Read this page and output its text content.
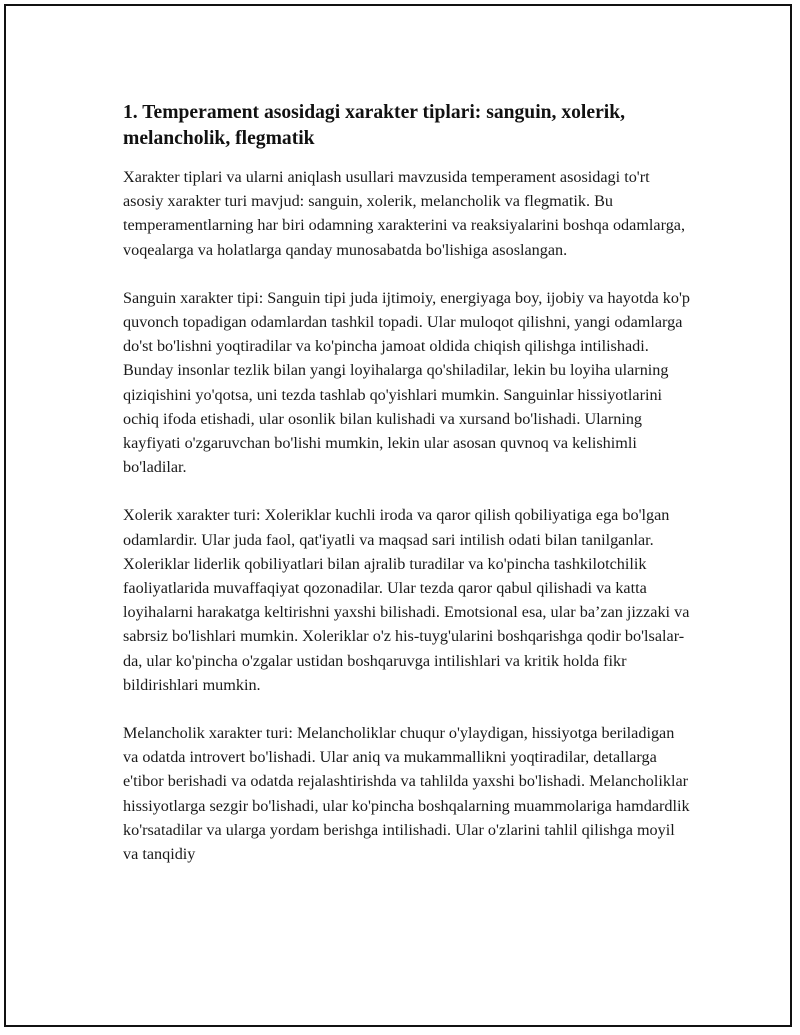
1. Temperament asosidagi xarakter tiplari: sanguin, xolerik, melancholik, flegmatik

Xarakter tiplari va ularni aniqlash usullari mavzusida temperament asosidagi to'rt asosiy xarakter turi mavjud: sanguin, xolerik, melancholik va flegmatik. Bu temperamentlarning har biri odamning xarakterini va reaksiyalarini boshqa odamlarga, voqealarga va holatlarga qanday munosabatda bo'lishiga asoslangan.

Sanguin xarakter tipi: Sanguin tipi juda ijtimoiy, energiyaga boy, ijobiy va hayotda ko'p quvonch topadigan odamlardan tashkil topadi. Ular muloqot qilishni, yangi odamlarga do'st bo'lishni yoqtiradilar va ko'pincha jamoat oldida chiqish qilishga intilishadi. Bunday insonlar tezlik bilan yangi loyihalarga qo'shiladilar, lekin bu loyiha ularning qiziqishini yo'qotsa, uni tezda tashlab qo'yishlari mumkin. Sanguinlar hissiyotlarini ochiq ifoda etishadi, ular osonlik bilan kulishadi va xursand bo'lishadi. Ularning kayfiyati o'zgaruvchan bo'lishi mumkin, lekin ular asosan quvnoq va kelishimli bo'ladilar.

Xolerik xarakter turi: Xoleriklar kuchli iroda va qaror qilish qobiliyatiga ega bo'lgan odamlardir. Ular juda faol, qat'iyatli va maqsad sari intilish odati bilan tanilganlar. Xoleriklar liderlik qobiliyatlari bilan ajralib turadilar va ko'pincha tashkilotchilik faoliyatlarida muvaffaqiyat qozonadilar. Ular tezda qaror qabul qilishadi va katta loyihalarni harakatga keltirishni yaxshi bilishadi. Emotsional esa, ular ba’zan jizzaki va sabrsiz bo'lishlari mumkin. Xoleriklar o'z his-tuyg'ularini boshqarishga qodir bo'lsalar-da, ular ko'pincha o'zgalar ustidan boshqaruvga intilishlari va kritik holda fikr bildirishlari mumkin.

Melancholik xarakter turi: Melancholiklar chuqur o'ylaydigan, hissiyotga beriladigan va odatda introvert bo'lishadi. Ular aniq va mukammallikni yoqtiradilar, detallarga e'tibor berishadi va odatda rejalashtirishda va tahlilda yaxshi bo'lishadi. Melancholiklar hissiyotlarga sezgir bo'lishadi, ular ko'pincha boshqalarning muammolariga hamdardlik ko'rsatadilar va ularga yordam berishga intilishadi. Ular o'zlarini tahlil qilishga moyil va tanqidiy
